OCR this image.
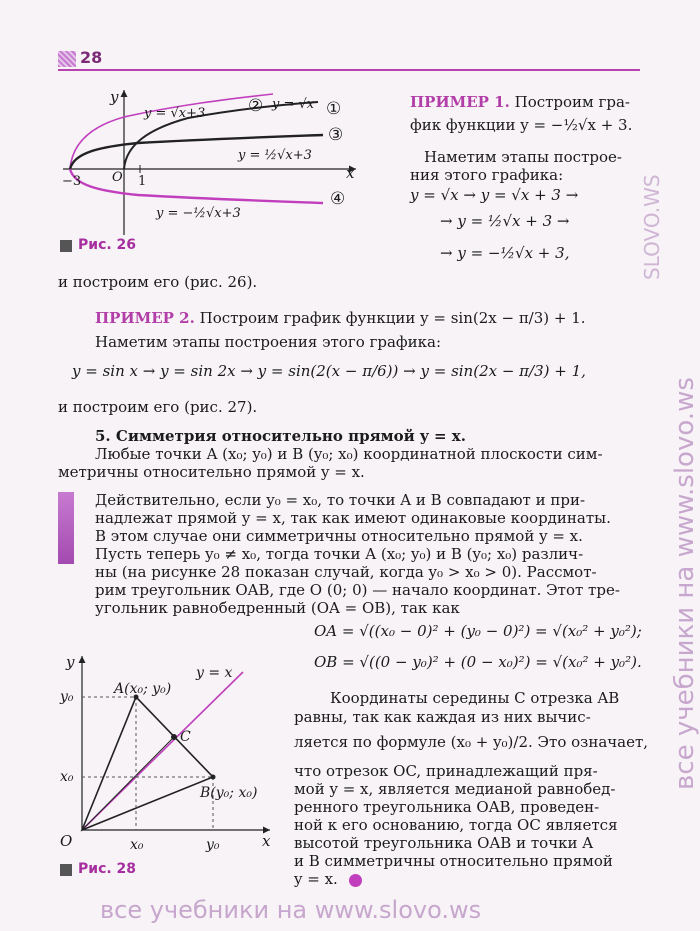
28
все учебники на www.slovo.ws
SLOVO.WS
y
x
O
−3	1
y = √x+3
y = √x
y = ½√x+3
y = −½√x+3
②	①
③
④
Рис. 26
ПРИМЕР 1. Построим гра-
фик функции y = −½√x + 3.
Наметим этапы построе-
ния этого графика:
y = √x → y = √x + 3 →
→ y = ½√x + 3 →
→ y = −½√x + 3,
и построим его (рис. 26).
ПРИМЕР 2. Построим график функции y = sin(2x − π/3) + 1.
Наметим этапы построения этого графика:
y = sin x → y = sin 2x → y = sin(2(x − π/6)) → y = sin(2x − π/3) + 1,
и построим его (рис. 27).
5. Симметрия относительно прямой y = x.
Любые точки A (x₀; y₀) и B (y₀; x₀) координатной плоскости сим-
метричны относительно прямой y = x.
Действительно, если y₀ = x₀, то точки A и B совпадают и при-
надлежат прямой y = x, так как имеют одинаковые координаты.
В этом случае они симметричны относительно прямой y = x.
Пусть теперь y₀ ≠ x₀, тогда точки A (x₀; y₀) и B (y₀; x₀) различ-
ны (на рисунке 28 показан случай, когда y₀ > x₀ > 0). Рассмот-
рим треугольник OAB, где O (0; 0) — начало координат. Этот тре-
угольник равнобедренный (OA = OB), так как
OA = √((x₀ − 0)² + (y₀ − 0)²) = √(x₀² + y₀²);
OB = √((0 − y₀)² + (0 − x₀)²) = √(x₀² + y₀²).
Координаты середины C отрезка AB
равны, так как каждая из них вычис-
ляется по формуле (x₀ + y₀)/2. Это означает,
что отрезок OC, принадлежащий пря-
мой y = x, является медианой равнобед-
ренного треугольника OAB, проведен-
ной к его основанию, тогда OC является
высотой треугольника OAB и точки A
и B симметричны относительно прямой
y = x.
y
x
O
y = x
A(x₀; y₀)
B(y₀; x₀)
C
y₀
x₀
x₀	y₀
Рис. 28
все учебники на www.slovo.ws
